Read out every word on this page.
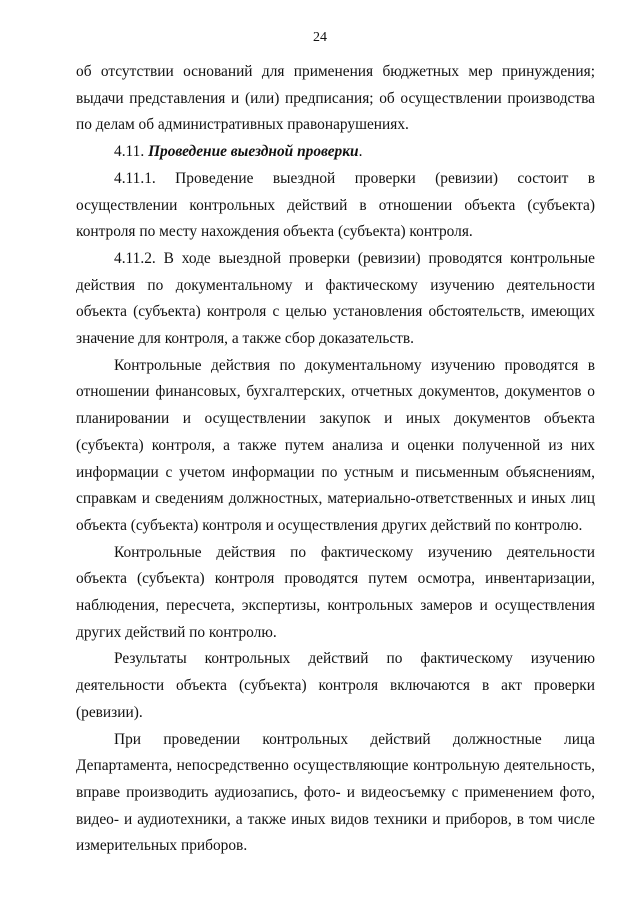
24

об отсутствии оснований для применения бюджетных мер принуждения; выдачи представления и (или) предписания; об осуществлении производства по делам об административных правонарушениях.

4.11. Проведение выездной проверки.

4.11.1. Проведение выездной проверки (ревизии) состоит в осуществлении контрольных действий в отношении объекта (субъекта) контроля по месту нахождения объекта (субъекта) контроля.

4.11.2. В ходе выездной проверки (ревизии) проводятся контрольные действия по документальному и фактическому изучению деятельности объекта (субъекта) контроля с целью установления обстоятельств, имеющих значение для контроля, а также сбор доказательств.

Контрольные действия по документальному изучению проводятся в отношении финансовых, бухгалтерских, отчетных документов, документов о планировании и осуществлении закупок и иных документов объекта (субъекта) контроля, а также путем анализа и оценки полученной из них информации с учетом информации по устным и письменным объяснениям, справкам и сведениям должностных, материально-ответственных и иных лиц объекта (субъекта) контроля и осуществления других действий по контролю.

Контрольные действия по фактическому изучению деятельности объекта (субъекта) контроля проводятся путем осмотра, инвентаризации, наблюдения, пересчета, экспертизы, контрольных замеров и осуществления других действий по контролю.

Результаты контрольных действий по фактическому изучению деятельности объекта (субъекта) контроля включаются в акт проверки (ревизии).

При проведении контрольных действий должностные лица Департамента, непосредственно осуществляющие контрольную деятельность, вправе производить аудиозапись, фото- и видеосъемку с применением фото, видео- и аудиотехники, а также иных видов техники и приборов, в том числе измерительных приборов.
